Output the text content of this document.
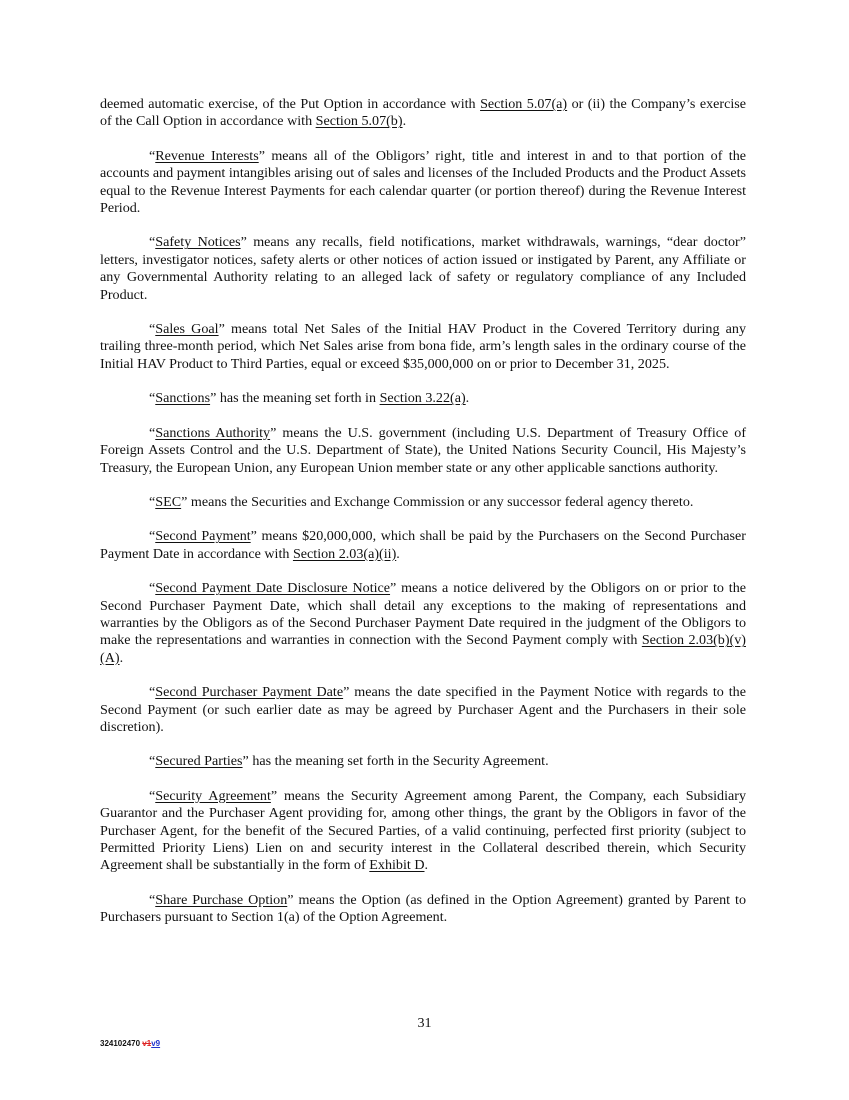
deemed automatic exercise, of the Put Option in accordance with Section 5.07(a) or (ii) the Company’s exercise of the Call Option in accordance with Section 5.07(b).

“Revenue Interests” means all of the Obligors’ right, title and interest in and to that portion of the accounts and payment intangibles arising out of sales and licenses of the Included Products and the Product Assets equal to the Revenue Interest Payments for each calendar quarter (or portion thereof) during the Revenue Interest Period.

“Safety Notices” means any recalls, field notifications, market withdrawals, warnings, “dear doctor” letters, investigator notices, safety alerts or other notices of action issued or instigated by Parent, any Affiliate or any Governmental Authority relating to an alleged lack of safety or regulatory compliance of any Included Product.

“Sales Goal” means total Net Sales of the Initial HAV Product in the Covered Territory during any trailing three-month period, which Net Sales arise from bona fide, arm’s length sales in the ordinary course of the Initial HAV Product to Third Parties, equal or exceed $35,000,000 on or prior to December 31, 2025.

“Sanctions” has the meaning set forth in Section 3.22(a).

“Sanctions Authority” means the U.S. government (including U.S. Department of Treasury Office of Foreign Assets Control and the U.S. Department of State), the United Nations Security Council, His Majesty’s Treasury, the European Union, any European Union member state or any other applicable sanctions authority.

“SEC” means the Securities and Exchange Commission or any successor federal agency thereto.

“Second Payment” means $20,000,000, which shall be paid by the Purchasers on the Second Purchaser Payment Date in accordance with Section 2.03(a)(ii).

“Second Payment Date Disclosure Notice” means a notice delivered by the Obligors on or prior to the Second Purchaser Payment Date, which shall detail any exceptions to the making of representations and warranties by the Obligors as of the Second Purchaser Payment Date required in the judgment of the Obligors to make the representations and warranties in connection with the Second Payment comply with Section 2.03(b)(v)(A).

“Second Purchaser Payment Date” means the date specified in the Payment Notice with regards to the Second Payment (or such earlier date as may be agreed by Purchaser Agent and the Purchasers in their sole discretion).

“Secured Parties” has the meaning set forth in the Security Agreement.

“Security Agreement” means the Security Agreement among Parent, the Company, each Subsidiary Guarantor and the Purchaser Agent providing for, among other things, the grant by the Obligors in favor of the Purchaser Agent, for the benefit of the Secured Parties, of a valid continuing, perfected first priority (subject to Permitted Priority Liens) Lien on and security interest in the Collateral described therein, which Security Agreement shall be substantially in the form of Exhibit D.

“Share Purchase Option” means the Option (as defined in the Option Agreement) granted by Parent to Purchasers pursuant to Section 1(a) of the Option Agreement.

31
324102470 v1v9
